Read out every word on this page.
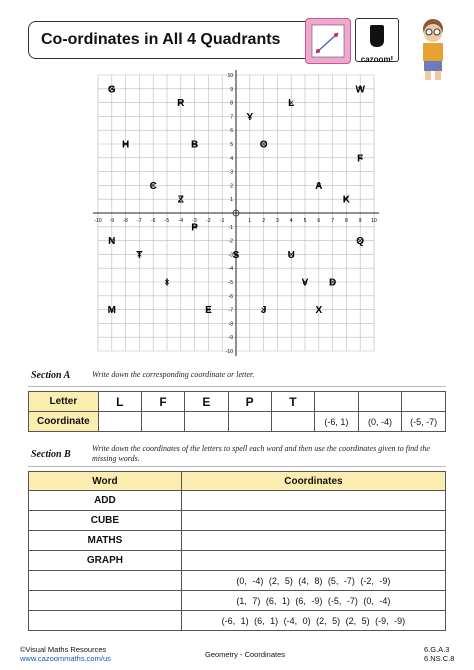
Co-ordinates in All 4 Quadrants
cazoom!
-10 -9 -8 -7 -6 -5 -4 -3 -2 -1	1 2 3 4 5 6 7 8 9 10
10
9
8
7
6
5
4
3
2
1
-1
-2
-3
-4
-5
-6
-7
-8
-9
-10
G
R	L
W
Y
H	B	O
F
C	A
Z	K
P
N	Q
T	S	U
I	V D
M	E	J	X
Section A	Write down the corresponding coordinate or letter.
Letter	L	F	E	P	T			
Coordinate						(-6, 1)	(0, -4)	(-5, -7)
Section B
Write down the coordinates of the letters to spell each word and then use the coordinates given to find the missing words.
Word	Coordinates
ADD	
CUBE	
MATHS	
GRAPH	
	(0, -4) (2, 5) (4, 8) (5, -7) (-2, -9)
	(1, 7) (6, 1) (6, -9) (-5, -7) (0, -4)
	(-6, 1) (6, 1) (-4, 0) (2, 5) (2, 5) (-9, -9)
©Visual Maths Resources
www.cazoommaths.com/us	Geometry - Coordinates
6.G.A.3
6.NS.C.8
